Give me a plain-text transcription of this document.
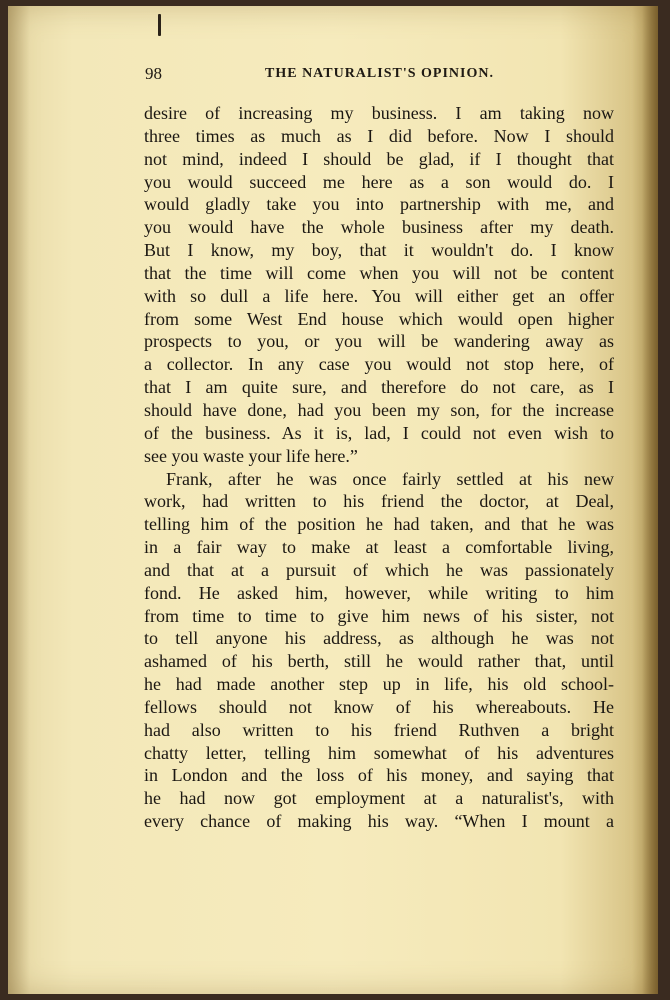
98	THE NATURALIST'S OPINION.
desire of increasing my business. I am taking now
three times as much as I did before. Now I should
not mind, indeed I should be glad, if I thought that
you would succeed me here as a son would do. I
would gladly take you into partnership with me, and
you would have the whole business after my death.
But I know, my boy, that it wouldn't do. I know
that the time will come when you will not be content
with so dull a life here. You will either get an offer
from some West End house which would open higher
prospects to you, or you will be wandering away as
a collector. In any case you would not stop here, of
that I am quite sure, and therefore do not care, as I
should have done, had you been my son, for the increase
of the business. As it is, lad, I could not even wish to
see you waste your life here.”
Frank, after he was once fairly settled at his new
work, had written to his friend the doctor, at Deal,
telling him of the position he had taken, and that he was
in a fair way to make at least a comfortable living,
and that at a pursuit of which he was passionately
fond. He asked him, however, while writing to him
from time to time to give him news of his sister, not
to tell anyone his address, as although he was not
ashamed of his berth, still he would rather that, until
he had made another step up in life, his old school-
fellows should not know of his whereabouts. He
had also written to his friend Ruthven a bright
chatty letter, telling him somewhat of his adventures
in London and the loss of his money, and saying that
he had now got employment at a naturalist's, with
every chance of making his way. “When I mount a
